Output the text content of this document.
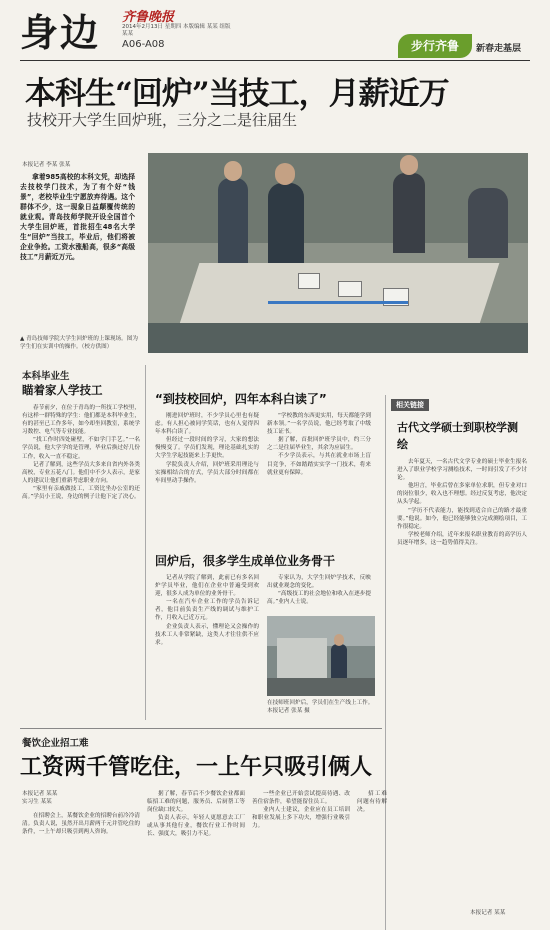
身边 齐鲁晚报
2014年2月13日 星期四 本版编辑 某某 组版 某某
A06-A08	步行齐鲁	新春走基层
本科生“回炉”当技工，月薪近万
技校开大学生回炉班，三分之二是往届生
本报记者 李某 张某
拿着985高校的本科文凭，却选择去技校学门技术，为了有个好“钱景”，老校毕业生宁愿放弃待遇。这个群体不少，这一现象日益颠覆传统的就业观。青岛技师学院开设全国首个大学生回炉班，首批招生48名大学生“回炉”当技工，毕业后，他们将被企业争抢。工资水涨船高，很多“高级技工”月薪近万元。
▲ 青岛技师学院大学生回炉班的上课现场。图为学生们在实训中的操作。（校方供图）
本科毕业生
瞄着家人学技工

春节前夕，在位于青岛的一所技工学校里，有这样一群特殊的学生：他们都是本科毕业生，有的甚至已工作多年，如今却坐回教室，系统学习数控、电气等专业技能。

“找工作时四处碰壁，不如学门手艺。”一名学员说，他大学学的是管理，毕业后换过好几份工作，收入一直不稳定。

记者了解到，这些学员大多来自省内外各类高校，专业五花八门。他们中不少人表示，是家人的建议让他们重新考虑职业方向。

“家里有亲戚做技工，工资比坐办公室的还高。”学员小王说，身边的例子让他下定了决心。

“到技校回炉，四年本科白读了”

刚进回炉班时，不少学员心里也有疑虑。有人担心被同学笑话，也有人觉得四年本科白读了。

但经过一段时间的学习，大家的想法慢慢变了。学员们发现，理论基础扎实的大学生学起技能来上手更快。

学院负责人介绍，回炉班采用理论与实操相结合的方式，学员大部分时间都在车间里动手操作。

“学校教的东西更实用，每天都能学到新本领。”一名学员说，他已经考取了中级技工证书。

据了解，首批回炉班学员中，约三分之二是往届毕业生，其余为应届生。

不少学员表示，与其在就业市场上盲目竞争，不如踏踏实实学一门技术，将来就业更有保障。

回炉后，很多学生成单位业务骨干

记者从学院了解到，此前已有多名回炉学员毕业，他们在企业中普遍受到欢迎，很多人成为单位的业务骨干。

一名在汽车企业工作的学员告诉记者，他目前负责生产线的调试与维护工作，月收入已近万元。

企业负责人表示，懂理论又会操作的技术工人非常紧缺，这类人才往往供不应求。

专家认为，大学生回炉学技术，反映出就业观念的变化。

“高级技工的社会地位和收入在逐步提高。”业内人士说。

在技师班回炉后，学员们在生产线上工作。本报记者 张某 摄
相关链接
古代文学硕士到职校学测绘

去年夏天，一名古代文学专业的硕士毕业生报名进入了职业学校学习测绘技术，一时间引发了不少讨论。

他坦言，毕业后曾在多家单位求职，但专业对口的岗位很少，收入也不理想。经过反复考虑，他决定从头学起。

“学历不代表能力，能找到适合自己的路才最重要。”他说。如今，他已经能够独立完成测绘项目，工作很稳定。

学校老师介绍，近年来报名职业教育的高学历人员逐年增多，这一趋势值得关注。

本报记者 某某
餐饮企业招工难
工资两千管吃住，一上午只吸引俩人
本报记者 某某
实习生 某某

在招聘会上，某餐饮企业的招聘台前冷冷清清。负责人说，虽然开出月薪两千元并管吃住的条件，一上午却只吸引到两人咨询。

据了解，春节后不少餐饮企业都面临招工难的问题，服务员、后厨帮工等岗位缺口较大。

负责人表示，年轻人更愿意去工厂或从事其他行业，餐饮行业工作时间长、强度大，吸引力不足。

一些企业已开始尝试提高待遇、改善住宿条件，希望能留住员工。

业内人士建议，企业应在员工培训和职业发展上多下功夫，增强行业吸引力。

招工难问题有待解决。
